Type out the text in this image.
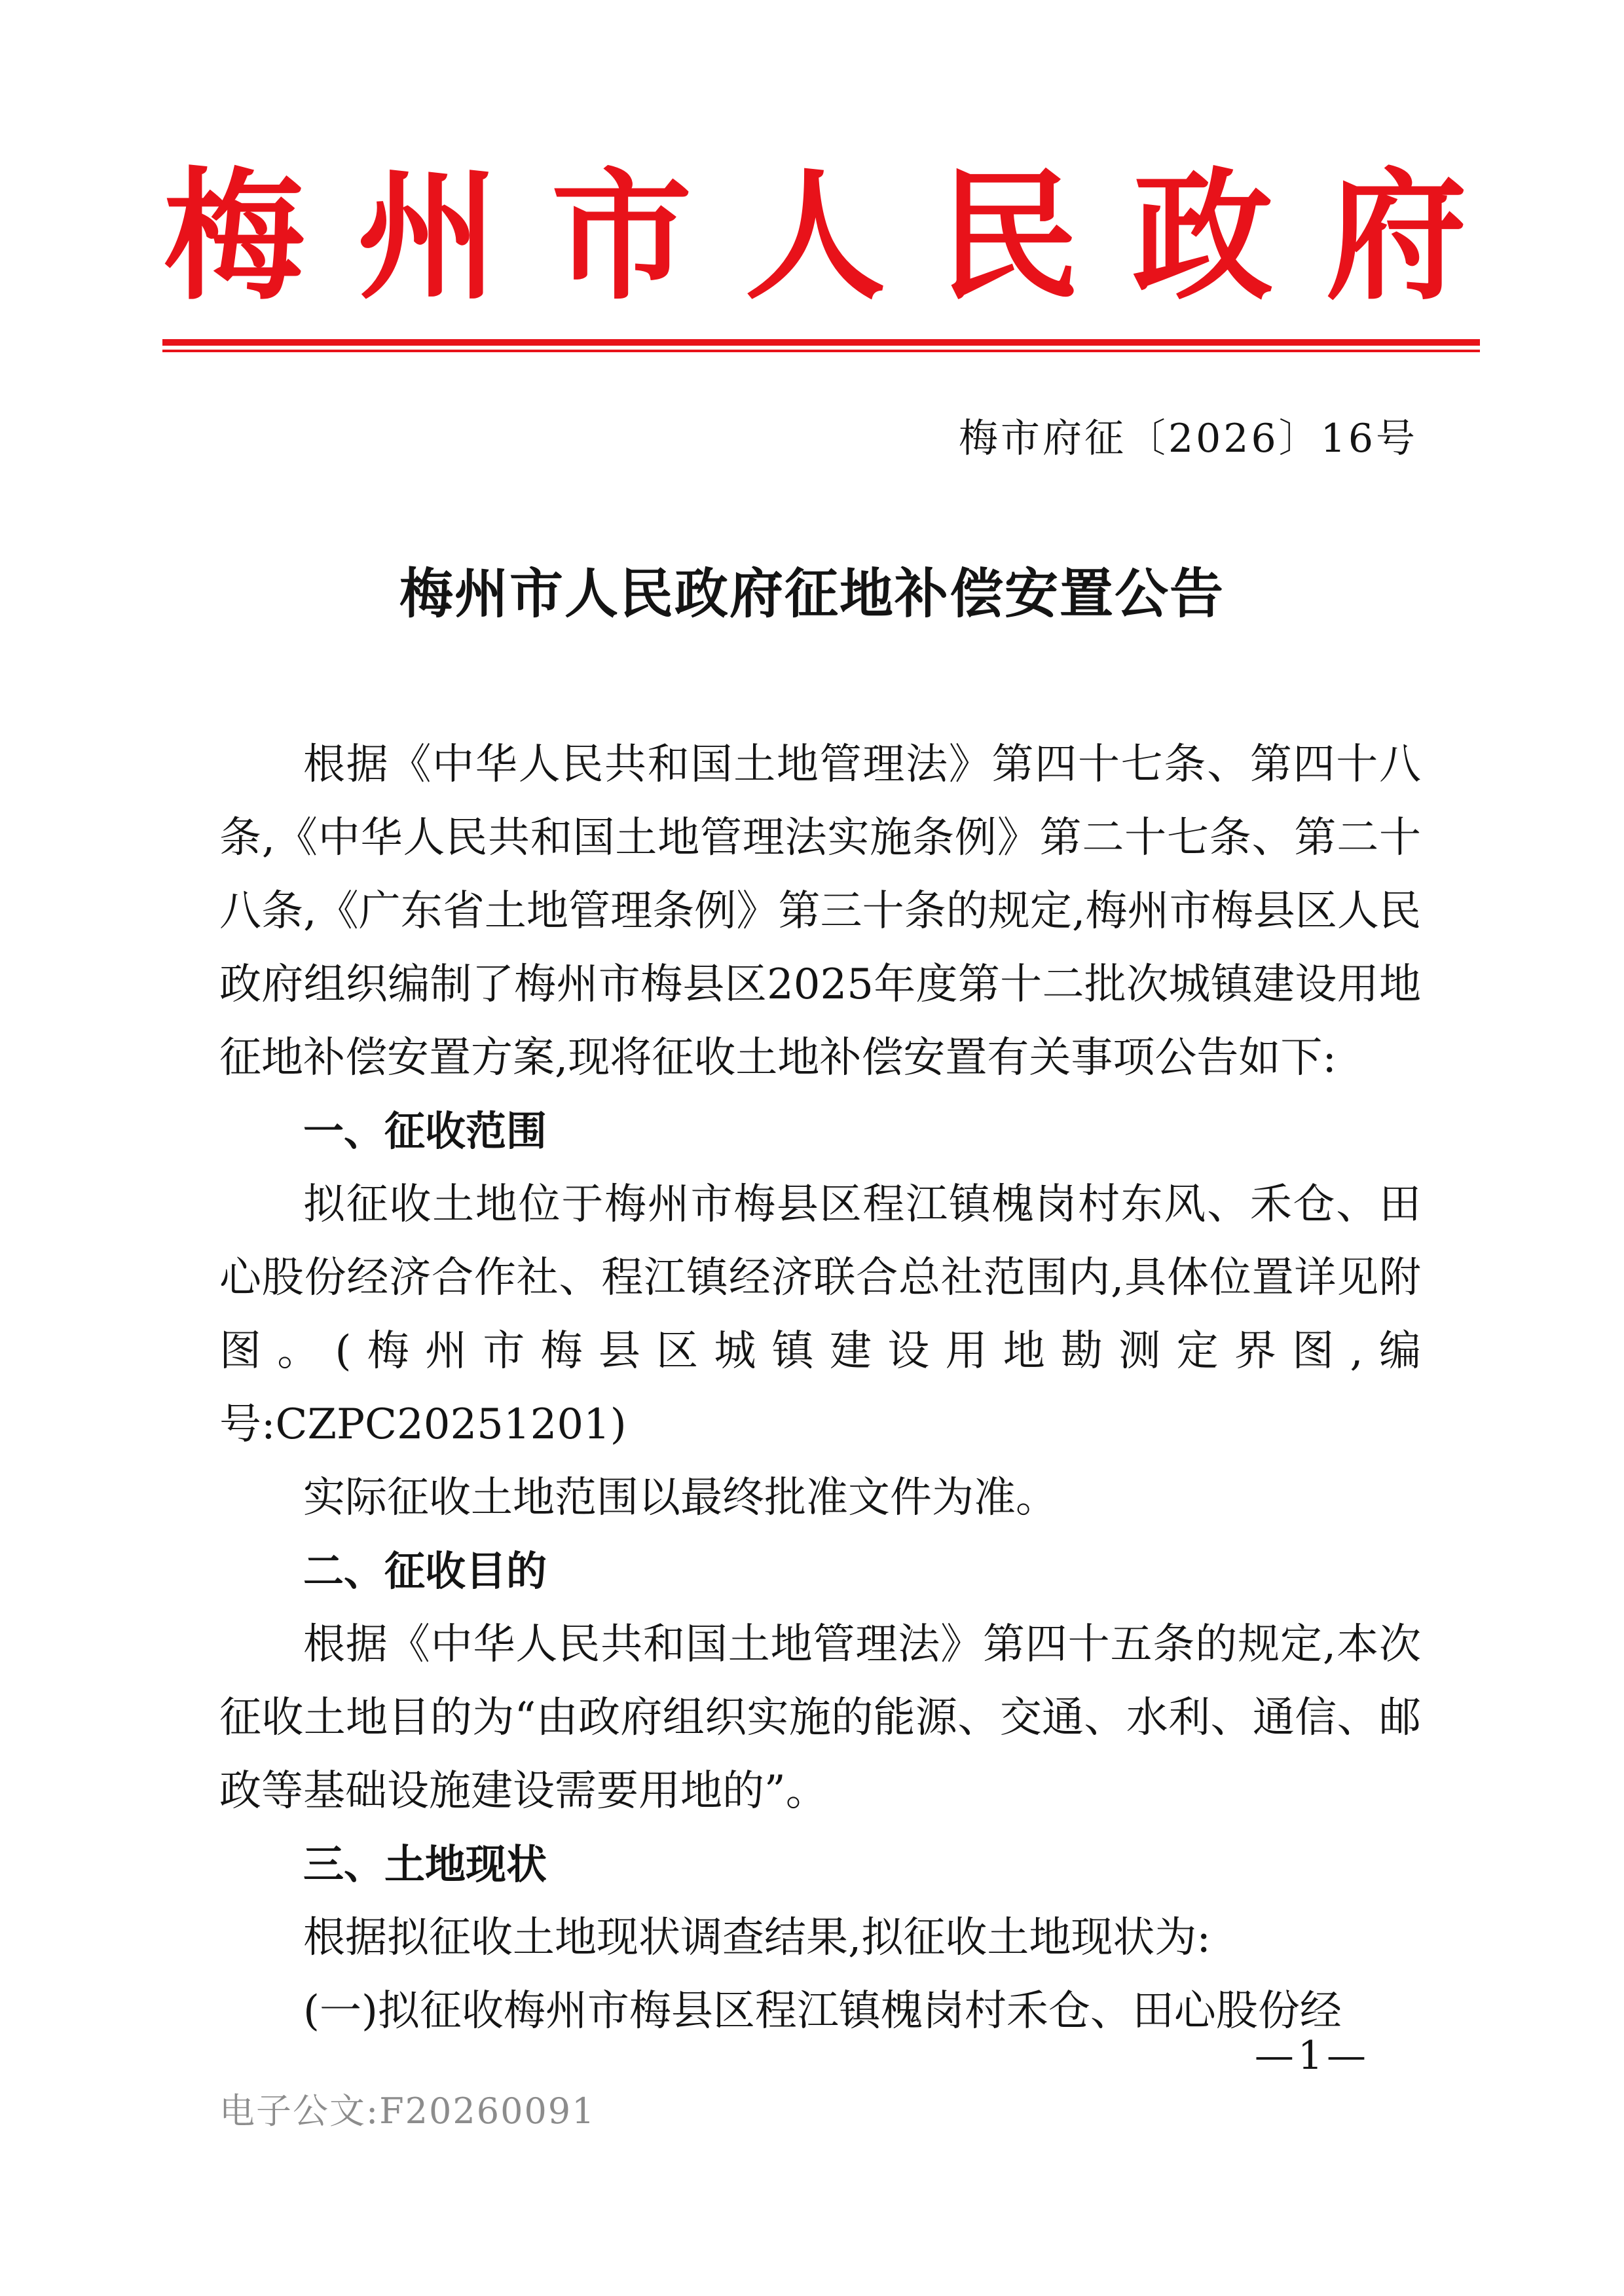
梅 州 市 人 民 政 府
梅市府征〔2026〕16号
梅州市人民政府征地补偿安置公告

根据《中华人民共和国土地管理法》第四十七条、第四十八条,《中华人民共和国土地管理法实施条例》第二十七条、第二十八条,《广东省土地管理条例》第三十条的规定,梅州市梅县区人民政府组织编制了梅州市梅县区2025年度第十二批次城镇建设用地征地补偿安置方案,现将征收土地补偿安置有关事项公告如下:

一、征收范围

拟征收土地位于梅州市梅县区程江镇槐岗村东风、禾仓、田心股份经济合作社、程江镇经济联合总社范围内,具体位置详见附图。(梅州市梅县区城镇建设用地勘测定界图,编号:CZPC20251201)

实际征收土地范围以最终批准文件为准。

二、征收目的

根据《中华人民共和国土地管理法》第四十五条的规定,本次征收土地目的为“由政府组织实施的能源、交通、水利、通信、邮政等基础设施建设需要用地的”。

三、土地现状

根据拟征收土地现状调查结果,拟征收土地现状为:

(一)拟征收梅州市梅县区程江镇槐岗村禾仓、田心股份经

—1—
电子公文:F20260091
